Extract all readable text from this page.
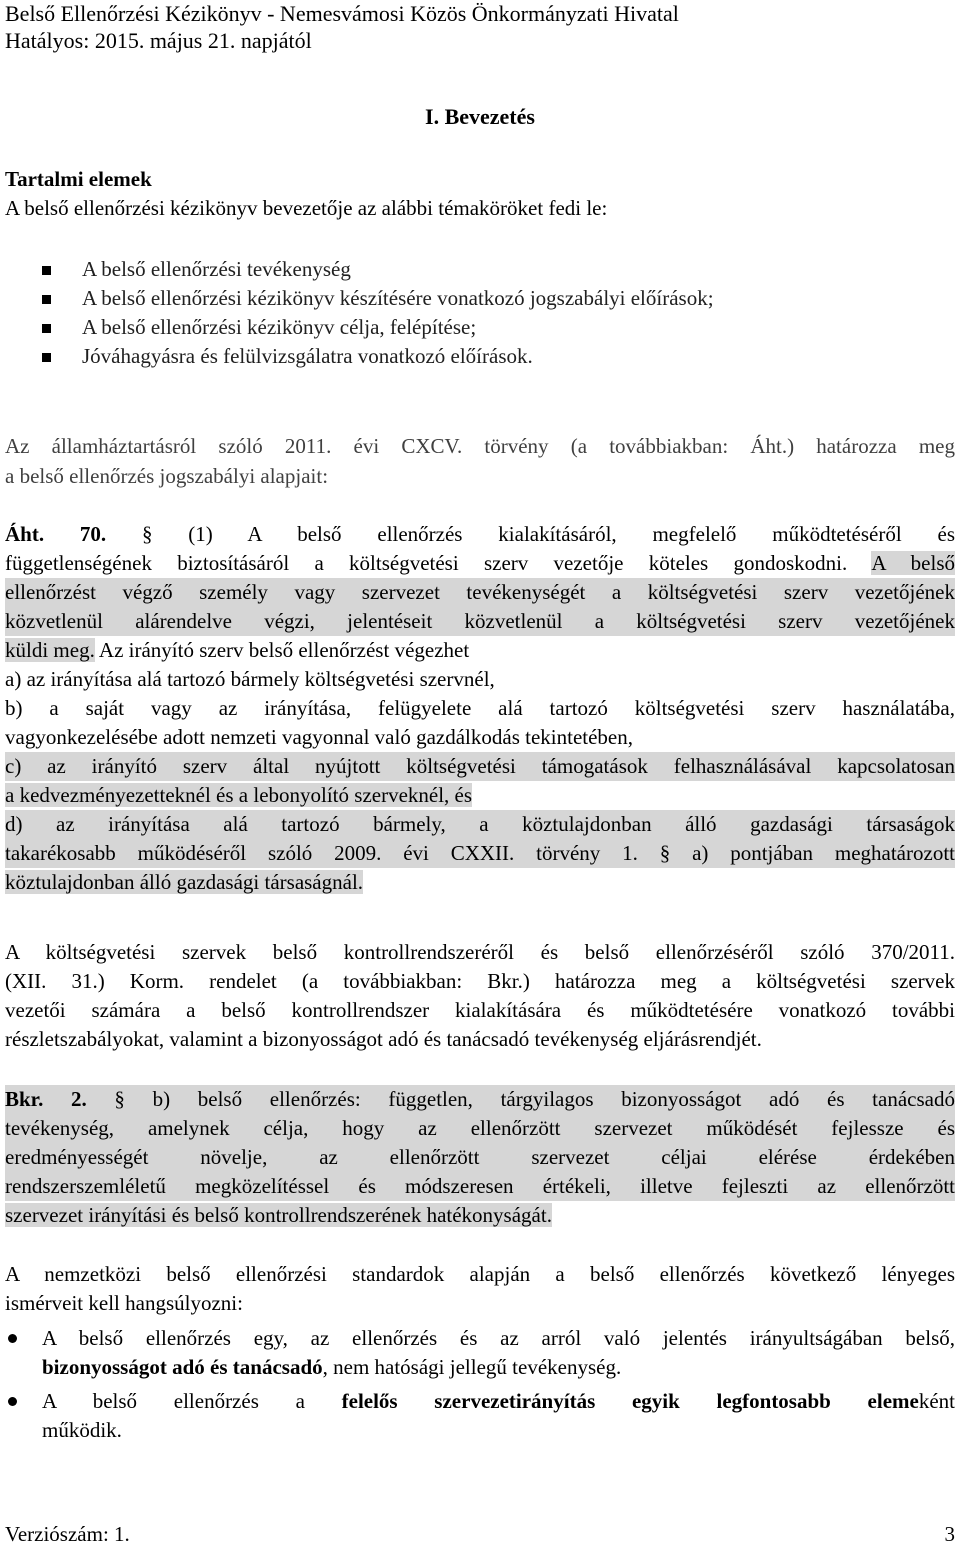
Belső Ellenőrzési Kézikönyv - Nemesvámosi Közös Önkormányzati Hivatal
Hatályos: 2015. május 21. napjától
I. Bevezetés
Tartalmi elemek
A belső ellenőrzési kézikönyv bevezetője az alábbi témaköröket fedi le:
A belső ellenőrzési tevékenység
A belső ellenőrzési kézikönyv készítésére vonatkozó jogszabályi előírások;
A belső ellenőrzési kézikönyv célja, felépítése;
Jóváhagyásra és felülvizsgálatra vonatkozó előírások.
Az államháztartásról szóló 2011. évi CXCV. törvény (a továbbiakban: Áht.) határozza meg
a belső ellenőrzés jogszabályi alapjait:
Áht. 70. § (1) A belső ellenőrzés kialakításáról, megfelelő működtetéséről és
függetlenségének biztosításáról a költségvetési szerv vezetője köteles gondoskodni. A belső
ellenőrzést végző személy vagy szervezet tevékenységét a költségvetési szerv vezetőjének
közvetlenül alárendelve végzi, jelentéseit közvetlenül a költségvetési szerv vezetőjének
küldi meg. Az irányító szerv belső ellenőrzést végezhet
a) az irányítása alá tartozó bármely költségvetési szervnél,
b) a saját vagy az irányítása, felügyelete alá tartozó költségvetési szerv használatába,
vagyonkezelésébe adott nemzeti vagyonnal való gazdálkodás tekintetében,
c) az irányító szerv által nyújtott költségvetési támogatások felhasználásával kapcsolatosan
a kedvezményezetteknél és a lebonyolító szerveknél, és
d) az irányítása alá tartozó bármely, a köztulajdonban álló gazdasági társaságok
takarékosabb működéséről szóló 2009. évi CXXII. törvény 1. § a) pontjában meghatározott
köztulajdonban álló gazdasági társaságnál.
A költségvetési szervek belső kontrollrendszeréről és belső ellenőrzéséről szóló 370/2011.
(XII. 31.) Korm. rendelet (a továbbiakban: Bkr.) határozza meg a költségvetési szervek
vezetői számára a belső kontrollrendszer kialakítására és működtetésére vonatkozó további
részletszabályokat, valamint a bizonyosságot adó és tanácsadó tevékenység eljárásrendjét.
Bkr. 2. § b) belső ellenőrzés: független, tárgyilagos bizonyosságot adó és tanácsadó
tevékenység, amelynek célja, hogy az ellenőrzött szervezet működését fejlessze és
eredményességét növelje, az ellenőrzött szervezet céljai elérése érdekében
rendszerszemléletű megközelítéssel és módszeresen értékeli, illetve fejleszti az ellenőrzött
szervezet irányítási és belső kontrollrendszerének hatékonyságát.
A nemzetközi belső ellenőrzési standardok alapján a belső ellenőrzés következő lényeges
ismérveit kell hangsúlyozni:
A belső ellenőrzés egy, az ellenőrzés és az arról való jelentés irányultságában belső,
bizonyosságot adó és tanácsadó, nem hatósági jellegű tevékenység.
A belső ellenőrzés a felelős szervezetirányítás egyik legfontosabb elemeként
működik.
Verziószám: 1.	3
